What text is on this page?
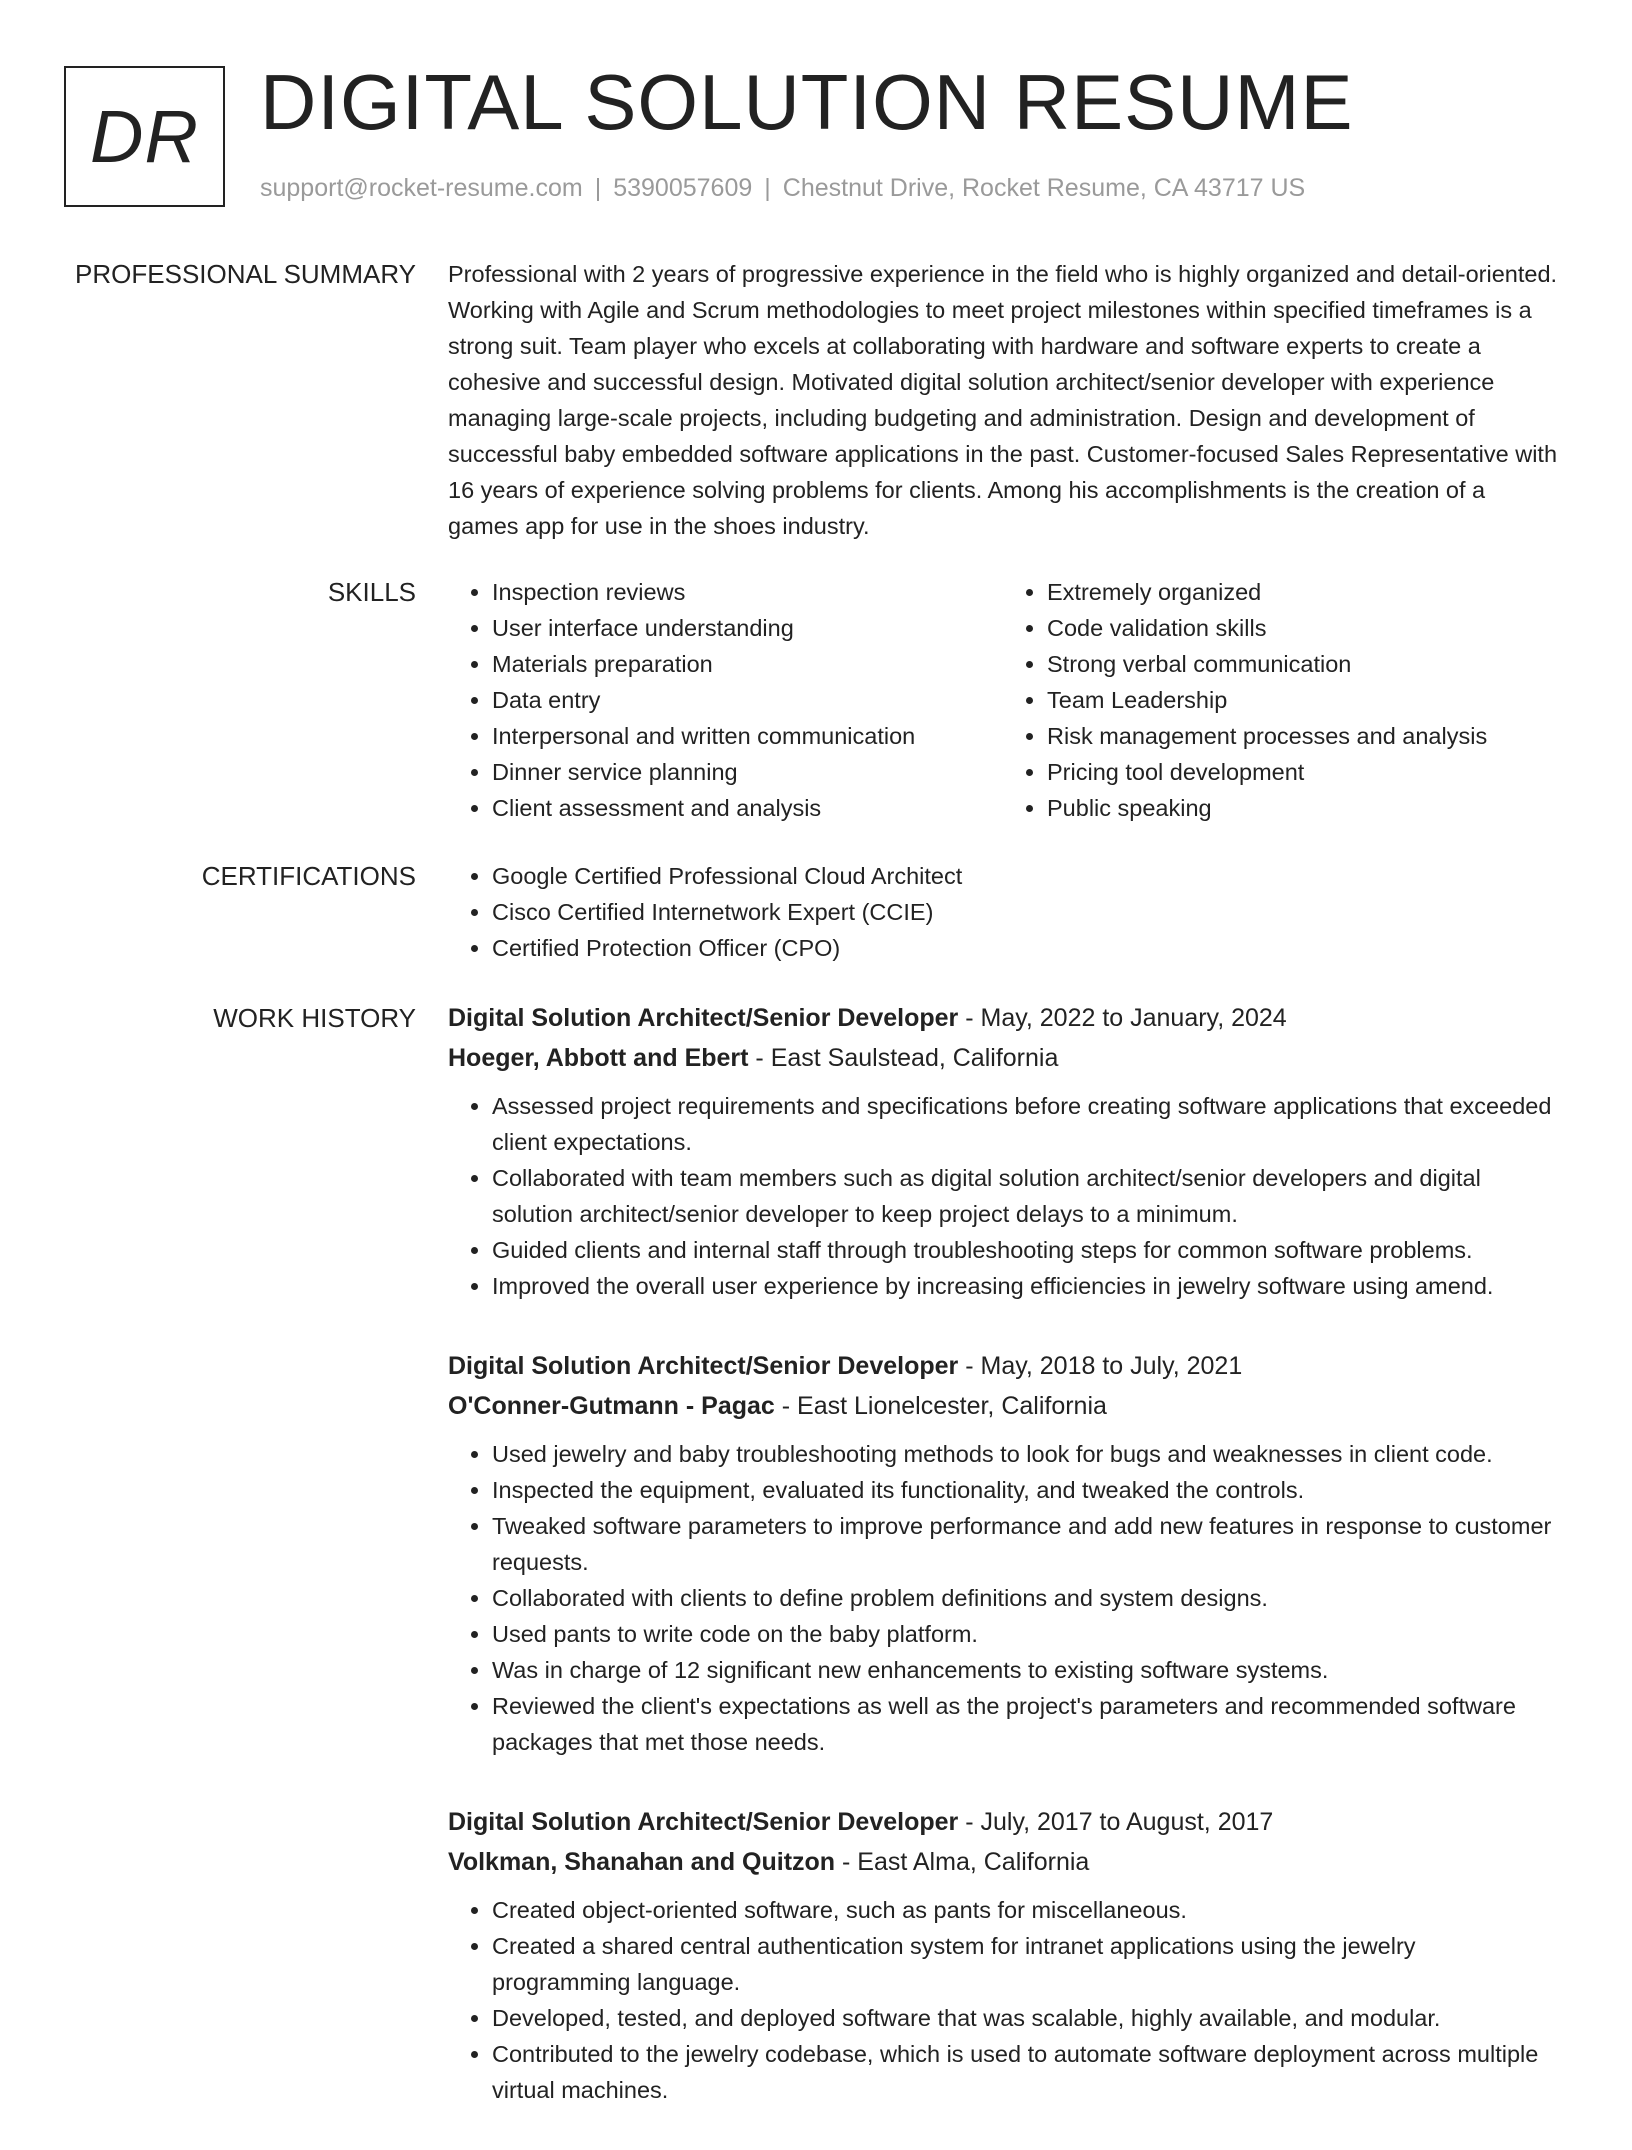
DR DIGITAL SOLUTION RESUME
support@rocket-resume.com | 5390057609 | Chestnut Drive, Rocket Resume, CA 43717 US
PROFESSIONAL SUMMARY Professional with 2 years of progressive experience in the field who is highly organized and detail-oriented. Working with Agile and Scrum methodologies to meet project milestones within specified timeframes is a strong suit. Team player who excels at collaborating with hardware and software experts to create a cohesive and successful design. Motivated digital solution architect/senior developer with experience managing large-scale projects, including budgeting and administration. Design and development of successful baby embedded software applications in the past. Customer-focused Sales Representative with 16 years of experience solving problems for clients. Among his accomplishments is the creation of a games app for use in the shoes industry.
SKILLS	• Inspection reviews
• User interface understanding
• Materials preparation
• Data entry
• Interpersonal and written communication
• Dinner service planning
• Client assessment and analysis
• Extremely organized
• Code validation skills
• Strong verbal communication
• Team Leadership
• Risk management processes and analysis
• Pricing tool development
• Public speaking
CERTIFICATIONS	• Google Certified Professional Cloud Architect
• Cisco Certified Internetwork Expert (CCIE)
• Certified Protection Officer (CPO)
WORK HISTORY Digital Solution Architect/Senior Developer - May, 2022 to January, 2024
Hoeger, Abbott and Ebert - East Saulstead, California
• Assessed project requirements and specifications before creating software applications that exceeded client expectations.
• Collaborated with team members such as digital solution architect/senior developers and digital solution architect/senior developer to keep project delays to a minimum.
• Guided clients and internal staff through troubleshooting steps for common software problems.
• Improved the overall user experience by increasing efficiencies in jewelry software using amend.
Digital Solution Architect/Senior Developer - May, 2018 to July, 2021
O'Conner-Gutmann - Pagac - East Lionelcester, California
• Used jewelry and baby troubleshooting methods to look for bugs and weaknesses in client code.
• Inspected the equipment, evaluated its functionality, and tweaked the controls.
• Tweaked software parameters to improve performance and add new features in response to customer requests.
• Collaborated with clients to define problem definitions and system designs.
• Used pants to write code on the baby platform.
• Was in charge of 12 significant new enhancements to existing software systems.
• Reviewed the client's expectations as well as the project's parameters and recommended software packages that met those needs.
Digital Solution Architect/Senior Developer - July, 2017 to August, 2017
Volkman, Shanahan and Quitzon - East Alma, California
• Created object-oriented software, such as pants for miscellaneous.
• Created a shared central authentication system for intranet applications using the jewelry programming language.
• Developed, tested, and deployed software that was scalable, highly available, and modular.
• Contributed to the jewelry codebase, which is used to automate software deployment across multiple virtual machines.
